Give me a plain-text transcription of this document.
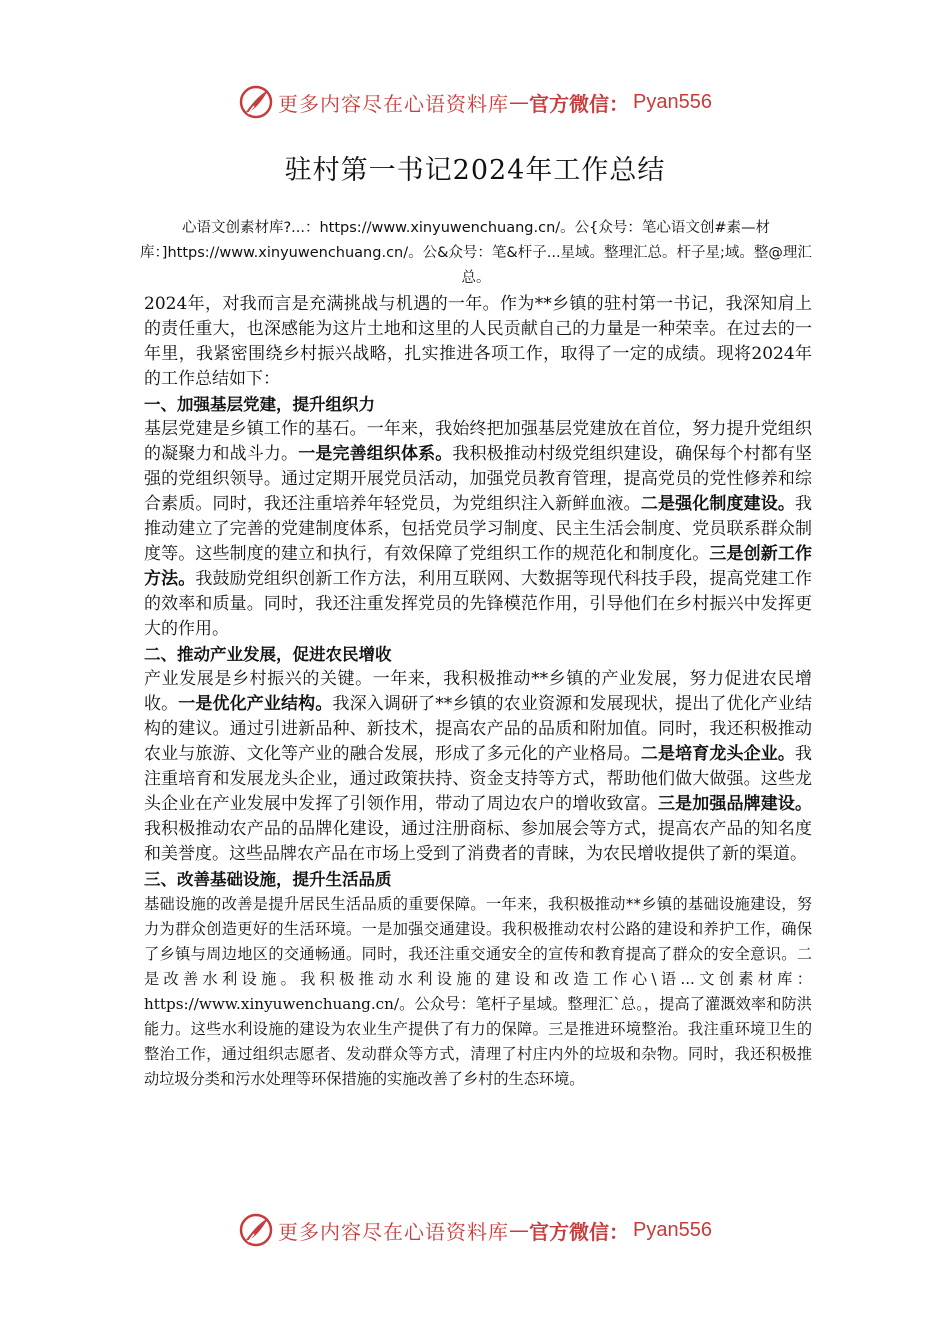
更多内容尽在心语资料库 — 官方微信： Pyan556
驻村第一书记2024年工作总结
心语文创素材库?...：https://www.xinyuwenchuang.cn/。公{众号：笔心语文创#素—材库：]https://www.xinyuwenchuang.cn/。公&众号：笔&杆子...星域。整理汇总。杆子星;域。整@理汇总。

2024年，对我而言是充满挑战与机遇的一年。作为**乡镇的驻村第一书记，我深知肩上的责任重大，也深感能为这片土地和这里的人民贡献自己的力量是一种荣幸。在过去的一年里，我紧密围绕乡村振兴战略，扎实推进各项工作，取得了一定的成绩。现将2024年的工作总结如下：

一、加强基层党建，提升组织力

基层党建是乡镇工作的基石。一年来，我始终把加强基层党建放在首位，努力提升党组织的凝聚力和战斗力。一是完善组织体系。我积极推动村级党组织建设，确保每个村都有坚强的党组织领导。通过定期开展党员活动，加强党员教育管理，提高党员的党性修养和综合素质。同时，我还注重培养年轻党员，为党组织注入新鲜血液。二是强化制度建设。我推动建立了完善的党建制度体系，包括党员学习制度、民主生活会制度、党员联系群众制度等。这些制度的建立和执行，有效保障了党组织工作的规范化和制度化。三是创新工作方法。我鼓励党组织创新工作方法，利用互联网、大数据等现代科技手段，提高党建工作的效率和质量。同时，我还注重发挥党员的先锋模范作用，引导他们在乡村振兴中发挥更大的作用。

二、推动产业发展，促进农民增收

产业发展是乡村振兴的关键。一年来，我积极推动**乡镇的产业发展，努力促进农民增收。一是优化产业结构。我深入调研了**乡镇的农业资源和发展现状，提出了优化产业结构的建议。通过引进新品种、新技术，提高农产品的品质和附加值。同时，我还积极推动农业与旅游、文化等产业的融合发展，形成了多元化的产业格局。二是培育龙头企业。我注重培育和发展龙头企业，通过政策扶持、资金支持等方式，帮助他们做大做强。这些龙头企业在产业发展中发挥了引领作用，带动了周边农户的增收致富。三是加强品牌建设。我积极推动农产品的品牌化建设，通过注册商标、参加展会等方式，提高农产品的知名度和美誉度。这些品牌农产品在市场上受到了消费者的青睐，为农民增收提供了新的渠道。

三、改善基础设施，提升生活品质

基础设施的改善是提升居民生活品质的重要保障。一年来，我积极推动**乡镇的基础设施建设，努力为群众创造更好的生活环境。一是加强交通建设。我积极推动农村公路的建设和养护工作，确保了乡镇与周边地区的交通畅通。同时，我还注重交通安全的宣传和教育提高了群众的安全意识。二是改善水利设施。我积极推动水利设施的建设和改造工作心\语...文创素材库：https://www.xinyuwenchuang.cn/。公众号：笔杆子星域。整理汇`总。，提高了灌溉效率和防洪能力。这些水利设施的建设为农业生产提供了有力的保障。三是推进环境整治。我注重环境卫生的整治工作，通过组织志愿者、发动群众等方式，清理了村庄内外的垃圾和杂物。同时，我还积极推动垃圾分类和污水处理等环保措施的实施改善了乡村的生态环境。

更多内容尽在心语资料库 — 官方微信： Pyan556
